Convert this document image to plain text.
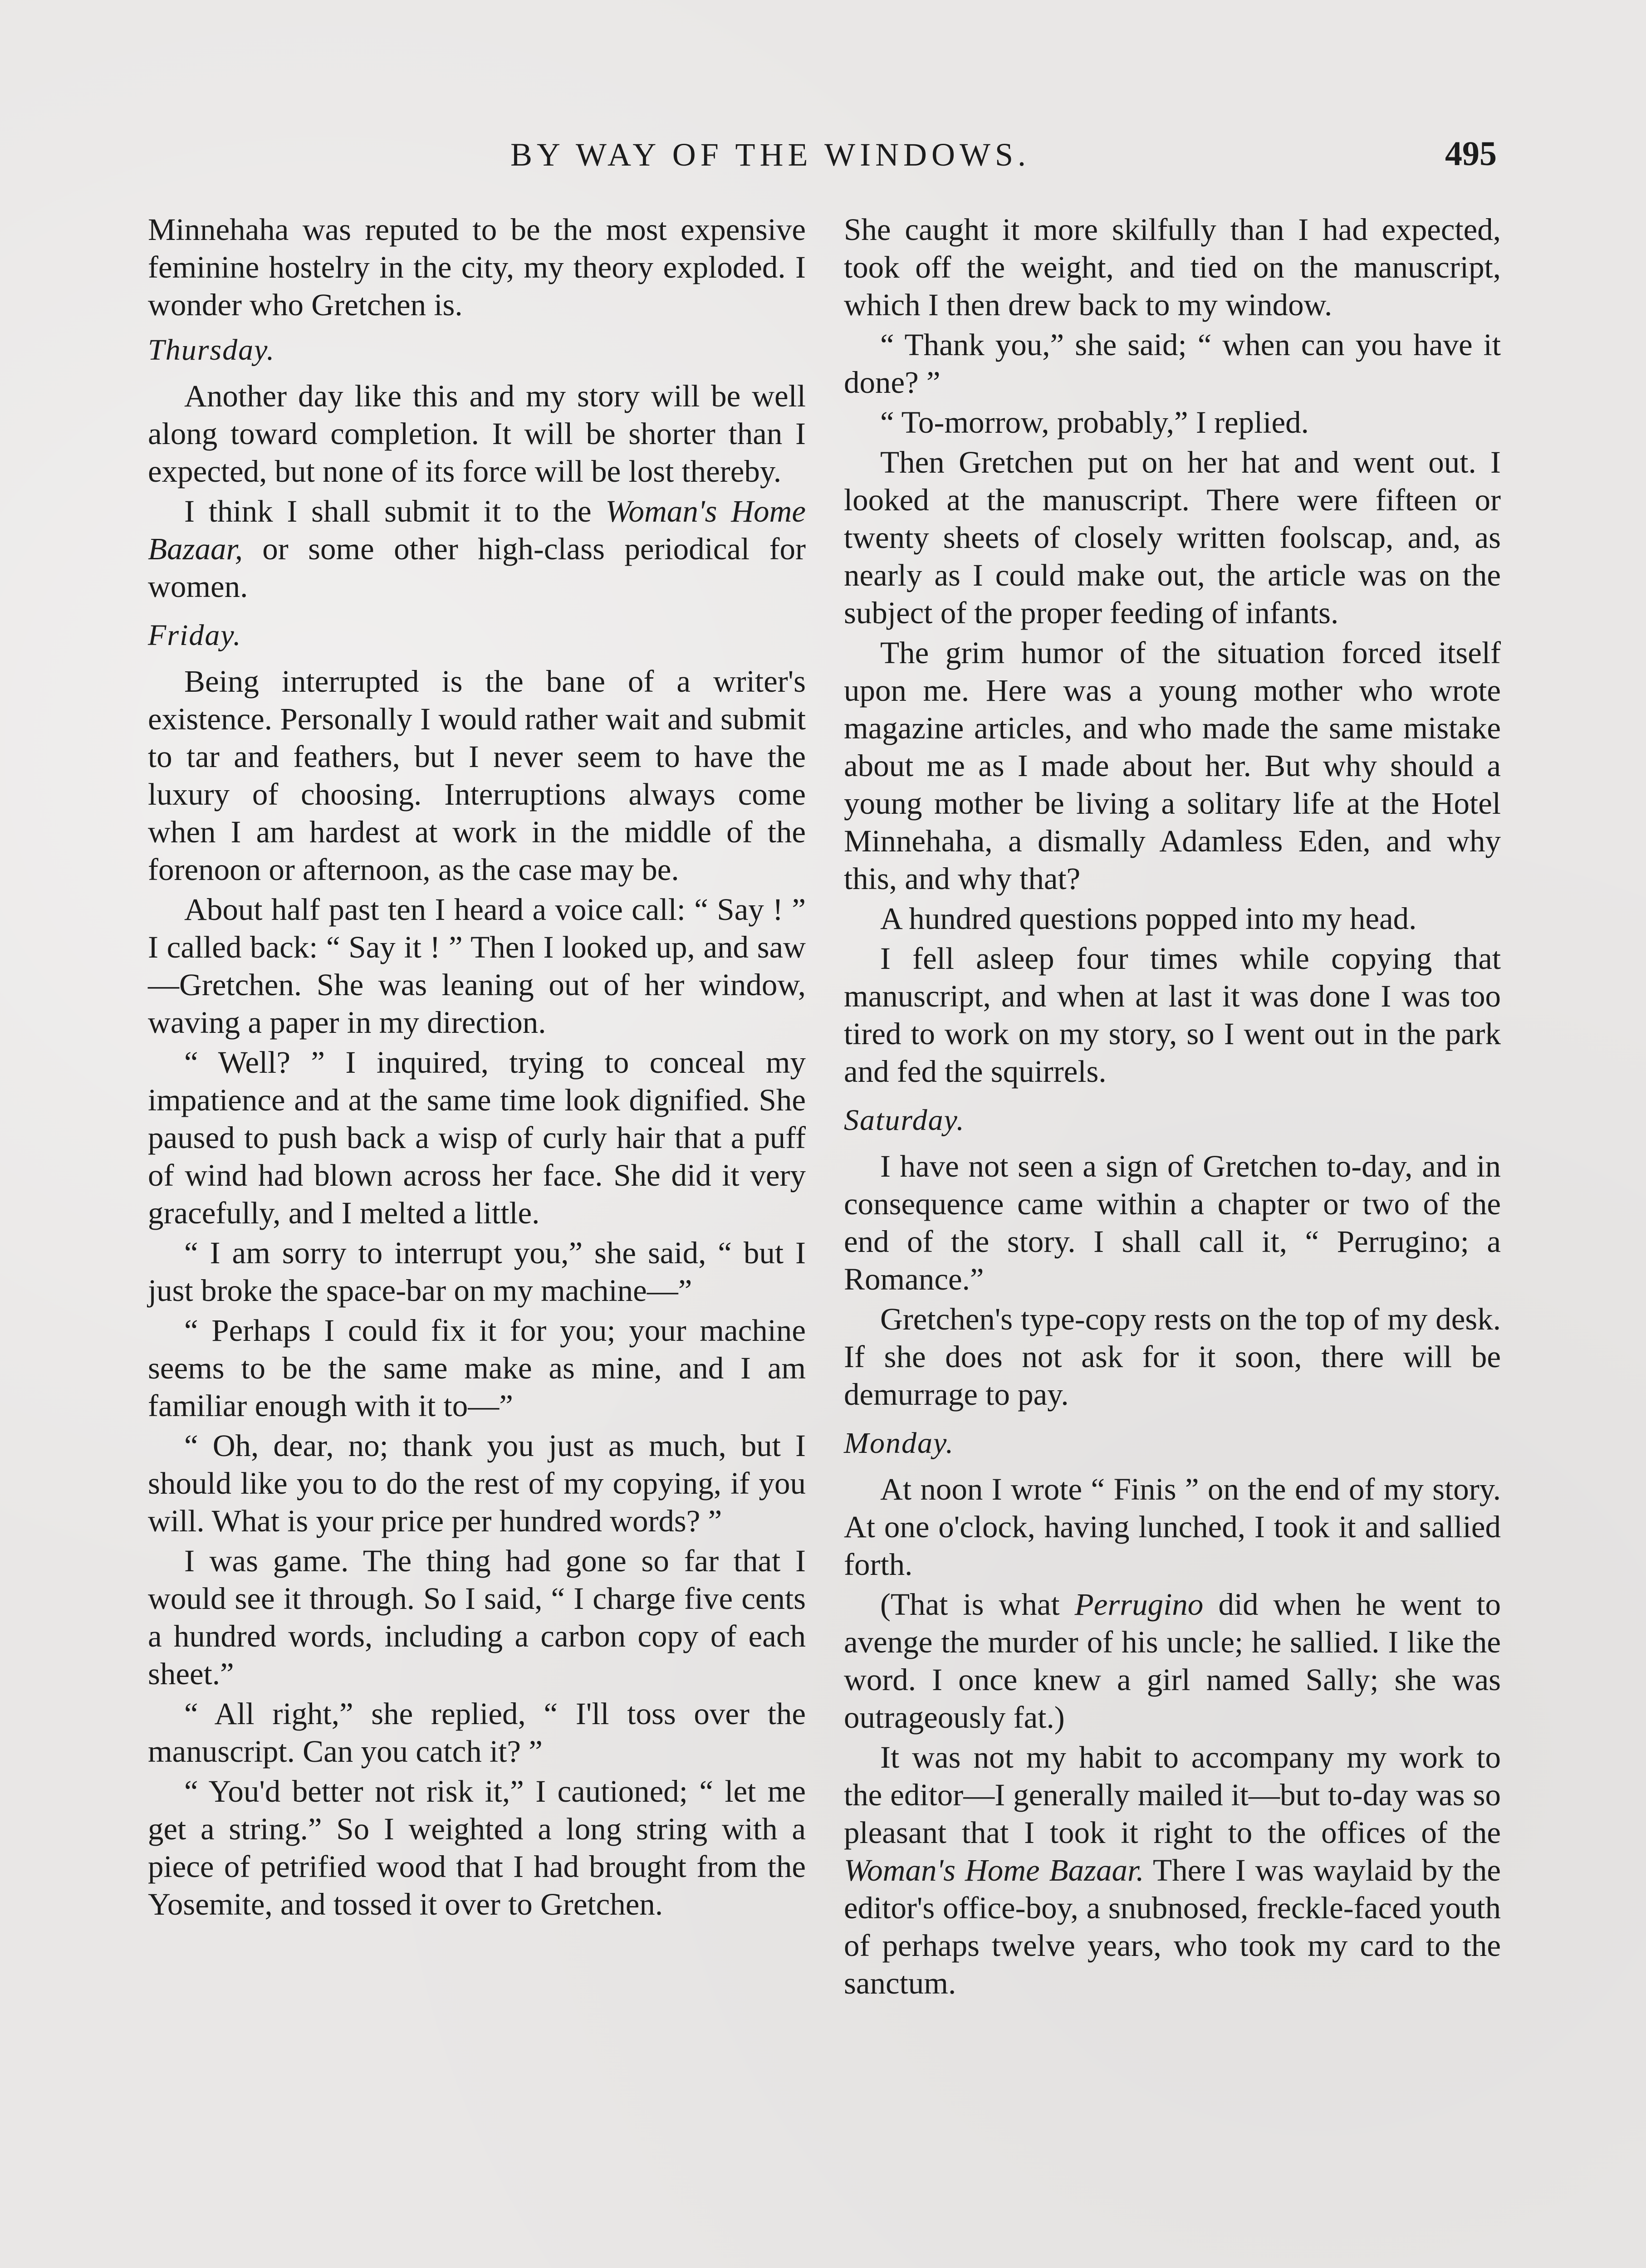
BY WAY OF THE WINDOWS.	495

Minnehaha was reputed to be the most expensive feminine hostelry in the city, my theory exploded. I wonder who Gretchen is.

Thursday.

Another day like this and my story will be well along toward completion. It will be shorter than I expected, but none of its force will be lost thereby.

I think I shall submit it to the Woman's Home Bazaar, or some other high-class periodical for women.

Friday.

Being interrupted is the bane of a writer's existence. Personally I would rather wait and submit to tar and feathers, but I never seem to have the luxury of choosing. Interruptions always come when I am hardest at work in the middle of the forenoon or afternoon, as the case may be.

About half past ten I heard a voice call: “ Say ! ” I called back: “ Say it ! ” Then I looked up, and saw—Gretchen. She was leaning out of her window, waving a paper in my direction.

“ Well? ” I inquired, trying to conceal my impatience and at the same time look dignified. She paused to push back a wisp of curly hair that a puff of wind had blown across her face. She did it very gracefully, and I melted a little.

“ I am sorry to interrupt you,” she said, “ but I just broke the space-bar on my machine—”

“ Perhaps I could fix it for you; your machine seems to be the same make as mine, and I am familiar enough with it to—”

“ Oh, dear, no; thank you just as much, but I should like you to do the rest of my copying, if you will. What is your price per hundred words? ”

I was game. The thing had gone so far that I would see it through. So I said, “ I charge five cents a hundred words, including a carbon copy of each sheet.”

“ All right,” she replied, “ I'll toss over the manuscript. Can you catch it? ”

“ You'd better not risk it,” I cautioned; “ let me get a string.” So I weighted a long string with a piece of petrified wood that I had brought from the Yosemite, and tossed it over to Gretchen.

She caught it more skilfully than I had expected, took off the weight, and tied on the manuscript, which I then drew back to my window.

“ Thank you,” she said; “ when can you have it done? ”

“ To-morrow, probably,” I replied.

Then Gretchen put on her hat and went out. I looked at the manuscript. There were fifteen or twenty sheets of closely written foolscap, and, as nearly as I could make out, the article was on the subject of the proper feeding of infants.

The grim humor of the situation forced itself upon me. Here was a young mother who wrote magazine articles, and who made the same mistake about me as I made about her. But why should a young mother be living a solitary life at the Hotel Minnehaha, a dismally Adamless Eden, and why this, and why that?

A hundred questions popped into my head.

I fell asleep four times while copying that manuscript, and when at last it was done I was too tired to work on my story, so I went out in the park and fed the squirrels.

Saturday.

I have not seen a sign of Gretchen to-day, and in consequence came within a chapter or two of the end of the story. I shall call it, “ Perrugino; a Romance.”

Gretchen's type-copy rests on the top of my desk. If she does not ask for it soon, there will be demurrage to pay.

Monday.

At noon I wrote “ Finis ” on the end of my story. At one o'clock, having lunched, I took it and sallied forth.

(That is what Perrugino did when he went to avenge the murder of his uncle; he sallied. I like the word. I once knew a girl named Sally; she was outrageously fat.)

It was not my habit to accompany my work to the editor—I generally mailed it—but to-day was so pleasant that I took it right to the offices of the Woman's Home Bazaar. There I was waylaid by the editor's office-boy, a snubnosed, freckle-faced youth of perhaps twelve years, who took my card to the sanctum.
